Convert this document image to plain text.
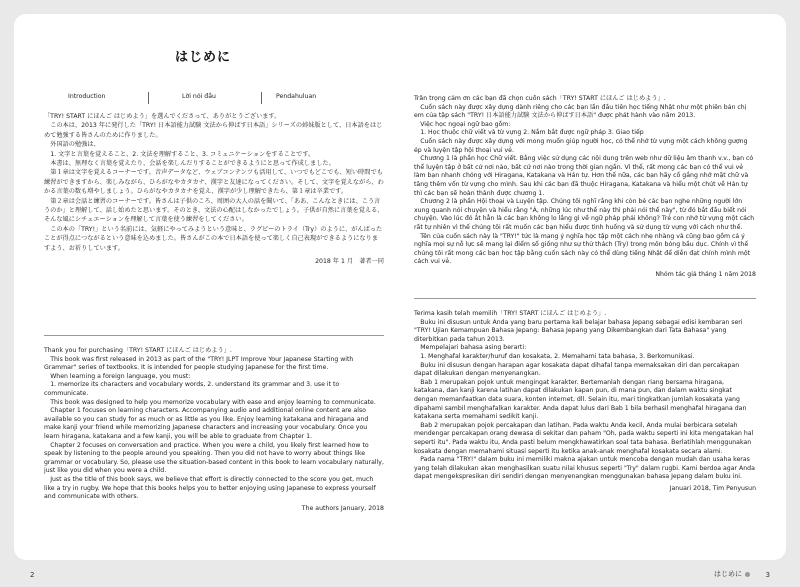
はじめに
Introduction	Lời nói đầu	Pendahuluan

「TRY! START にほんご はじめよう」を選んでくださって、ありがとうございます。

この本は、2013 年に発行した「TRY! 日本語能力試験 文法から伸ばす日本語」シリーズの姉妹版として、日本語をはじめて勉強する皆さんのために作りました。

外国語の勉強は、

1. 文字と言葉を覚えること、2. 文法を理解すること、3. コミュニケーションをすることです。

本書は、無理なく言葉を覚えたり、会話を楽しんだりすることができるようにと思って作成しました。

第１章は文字を覚えるコーナーです。音声データなど、ウェブコンテンツも活用して、いつでもどこでも、短い時間でも練習ができますから、楽しみながら、ひらがなやカタカナ、漢字と友達になってください。そして、文字を覚えながら、わかる言葉の数も増やしましょう。ひらがなやカタカナを覚え、漢字が少し理解できたら、第１章は卒業です。

第２章は会話と練習のコーナーです。皆さんは子供のころ、周囲の大人の話を聞いて、「ああ、こんなときには、こう言うのか」と理解して、話し始めたと思います。そのとき、文法の心配はしなかったでしょう。子供が自然に言葉を覚える、そんな風にシチュエーションを理解して言葉を使う練習をしてください。

この本の「TRY!」という名前には、気軽にやってみようという意味と、ラグビーのトライ（Try）のように、がんばったことが得点につながるという意味を込めました。皆さんがこの本で日本語を使って楽しく自己表現ができるようになりますよう、お祈りしています。

2018 年 1 月　著者一同

Thank you for purchasing「TRY! START にほんご はじめよう」.

This book was first released in 2013 as part of the "TRY! JLPT Improve Your Japanese Starting with Grammar" series of textbooks. It is intended for people studying Japanese for the first time.

When learning a foreign language, you must:

1. memorize its characters and vocabulary words, 2. understand its grammar and 3. use it to communicate.

This book was designed to help you memorize vocabulary with ease and enjoy learning to communicate.

Chapter 1 focuses on learning characters. Accompanying audio and additional online content are also available so you can study for as much or as little as you like. Enjoy learning katakana and hiragana and make kanji your friend while memorizing Japanese characters and increasing your vocabulary. Once you learn hiragana, katakana and a few kanji, you will be able to graduate from Chapter 1.

Chapter 2 focuses on conversation and practice. When you were a child, you likely first learned how to speak by listening to the people around you speaking. Then you did not have to worry about things like grammar or vocabulary. So, please use the situation-based content in this book to learn vocabulary naturally, just like you did when you were a child.

Just as the title of this book says, we believe that effort is directly connected to the score you get, much like a try in rugby. We hope that this books helps you to better enjoying using Japanese to express yourself and communicate with others.

The authors January, 2018

Trân trọng cảm ơn các bạn đã chọn cuốn sách「TRY! START にほんご はじめよう」.

Cuốn sách này được xây dựng dành riêng cho các bạn lần đầu tiên học tiếng Nhật như một phiên bản chị em của tập sách "TRY! 日本語能力試験 文法から伸ばす日本語" được phát hành vào năm 2013.

Việc học ngoại ngữ bao gồm:

1. Học thuộc chữ viết và từ vựng 2. Nắm bắt được ngữ pháp 3. Giao tiếp

Cuốn sách này được xây dựng với mong muốn giúp người học, có thể nhớ từ vựng một cách không gượng ép và luyện tập hội thoại vui vẻ.

Chương 1 là phần học Chữ viết. Bằng việc sử dụng các nội dung trên web như dữ liệu âm thanh v.v., bạn có thể luyện tập ở bất cứ nơi nào, bất cứ nơi nào trong thời gian ngắn. Vì thế, rất mong các bạn có thể vui vẻ làm bạn nhanh chóng với Hiragana, Katakana và Hán tự. Hơn thế nữa, các bạn hãy cố gắng nhớ mặt chữ và tăng thêm vốn từ vựng cho mình. Sau khi các bạn đã thuộc Hiragana, Katakana và hiểu một chút về Hán tự thì các bạn sẽ hoàn thành được chương 1.

Chương 2 là phần Hội thoại và Luyện tập. Chúng tôi nghĩ rằng khi còn bé các bạn nghe những người lớn xung quanh nói chuyện và hiểu rằng "À, những lúc như thế này thì phải nói thế này", từ đó bắt đầu biết nói chuyện. Vào lúc đó ắt hẳn là các bạn không lo lắng gì về ngữ pháp phải không? Trẻ con nhớ từ vựng một cách rất tự nhiên vì thế chúng tôi rất muốn các bạn hiểu được tình huống và sử dụng từ vựng với cách như thế.

Tên của cuốn sách này là "TRY!" tức là mang ý nghĩa học tập một cách nhẹ nhàng và cũng bao gồm cả ý nghĩa mọi sự nỗ lực sẽ mang lại điểm số giống như sự thử thách (Try) trong môn bóng bầu dục. Chính vì thế chúng tôi rất mong các bạn học tập bằng cuốn sách này có thể dùng tiếng Nhật để diễn đạt chính mình một cách vui vẻ.

Nhóm tác giả tháng 1 năm 2018

Terima kasih telah memilih「TRY! START にほんご はじめよう」.

Buku ini disusun untuk Anda yang baru pertama kali belajar bahasa Jepang sebagai edisi kembaran seri "TRY! Ujian Kemampuan Bahasa Jepang: Bahasa Jepang yang Dikembangkan dari Tata Bahasa" yang diterbitkan pada tahun 2013.

Mempelajari bahasa asing berarti:

1. Menghafal karakter/huruf dan kosakata, 2. Memahami tata bahasa, 3. Berkomunikasi.

Buku ini disusun dengan harapan agar kosakata dapat dihafal tanpa memaksakan diri dan percakapan dapat dilakukan dengan menyenangkan.

Bab 1 merupakan pojok untuk mengingat karakter. Bertemanlah dengan riang bersama hiragana, katakana, dan kanji karena latihan dapat dilakukan kapan pun, di mana pun, dan dalam waktu singkat dengan memanfaatkan data suara, konten internet, dll. Selain itu, mari tingkatkan jumlah kosakata yang dipahami sambil menghafalkan karakter. Anda dapat lulus dari Bab 1 bila berhasil menghafal hiragana dan katakana serta memahami sedikit kanji.

Bab 2 merupakan pojok percakapan dan latihan. Pada waktu Anda kecil, Anda mulai berbicara setelah mendengar percakapan orang dewasa di sekitar dan paham "Oh, pada waktu seperti ini kita mengatakan hal seperti itu". Pada waktu itu, Anda pasti belum mengkhawatirkan soal tata bahasa. Berlatihlah menggunakan kosakata dengan memahami situasi seperti itu ketika anak-anak menghafal kosakata secara alami.

Pada nama "TRY!" dalam buku ini memiliki makna ajakan untuk mencoba dengan mudah dan usaha keras yang telah dilakukan akan menghasilkan suatu nilai khusus seperti "Try" dalam rugbi. Kami berdoa agar Anda dapat mengekspresikan diri sendiri dengan menyenangkan menggunakan bahasa Jepang dalam buku ini.

Januari 2018, Tim Penyusun

2	はじめに	3
